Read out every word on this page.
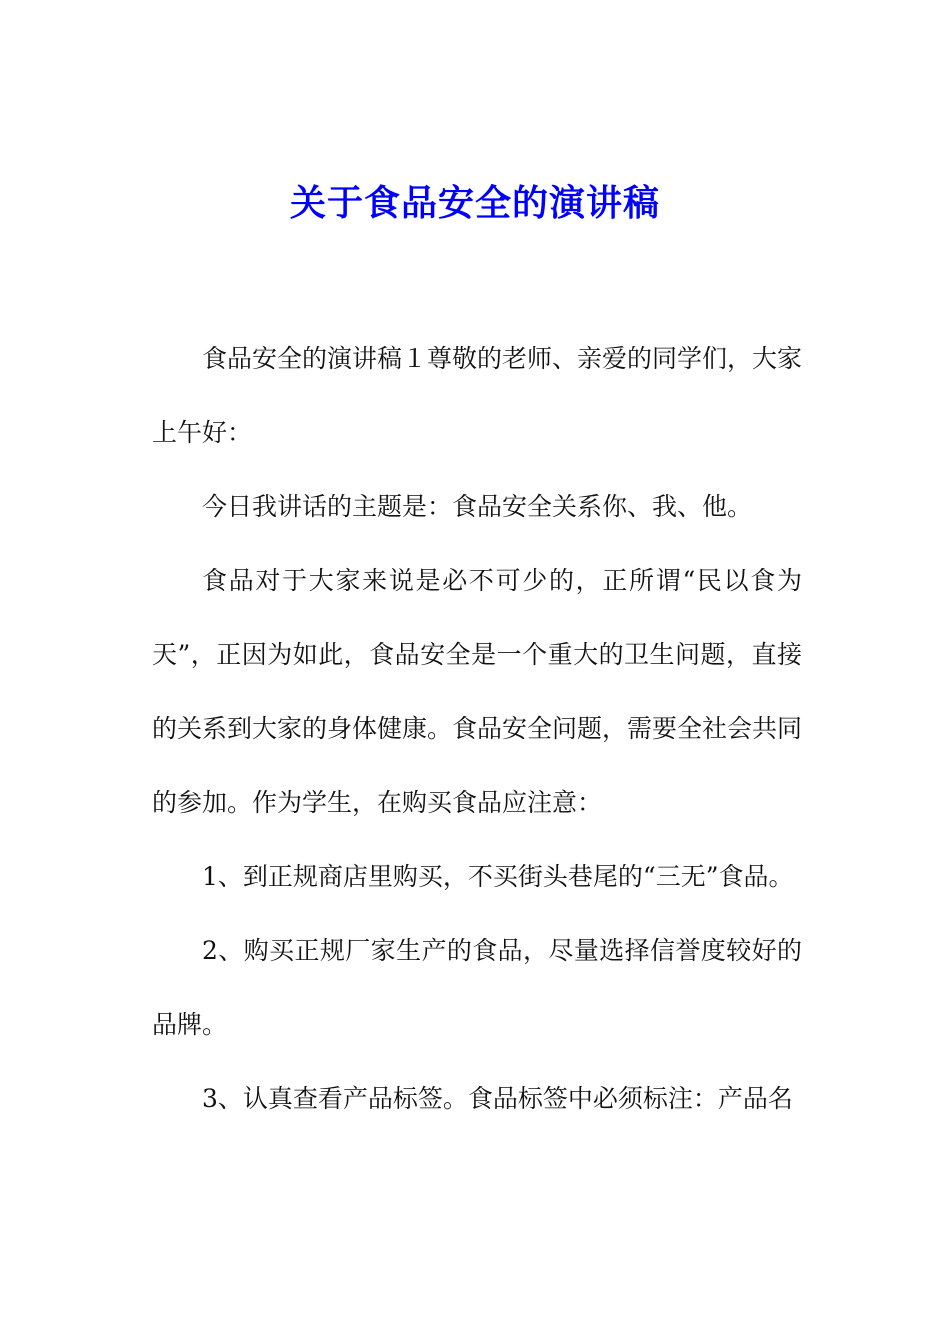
关于食品安全的演讲稿

食品安全的演讲稿１尊敬的老师、亲爱的同学们，大家上午好：

今日我讲话的主题是：食品安全关系你、我、他。

食品对于大家来说是必不可少的，正所谓“民以食为天”，正因为如此，食品安全是一个重大的卫生问题，直接的关系到大家的身体健康。食品安全问题，需要全社会共同的参加。作为学生，在购买食品应注意：

1、到正规商店里购买，不买街头巷尾的“三无”食品。

2、购买正规厂家生产的食品，尽量选择信誉度较好的品牌。

3、认真查看产品标签。食品标签中必须标注：产品名
